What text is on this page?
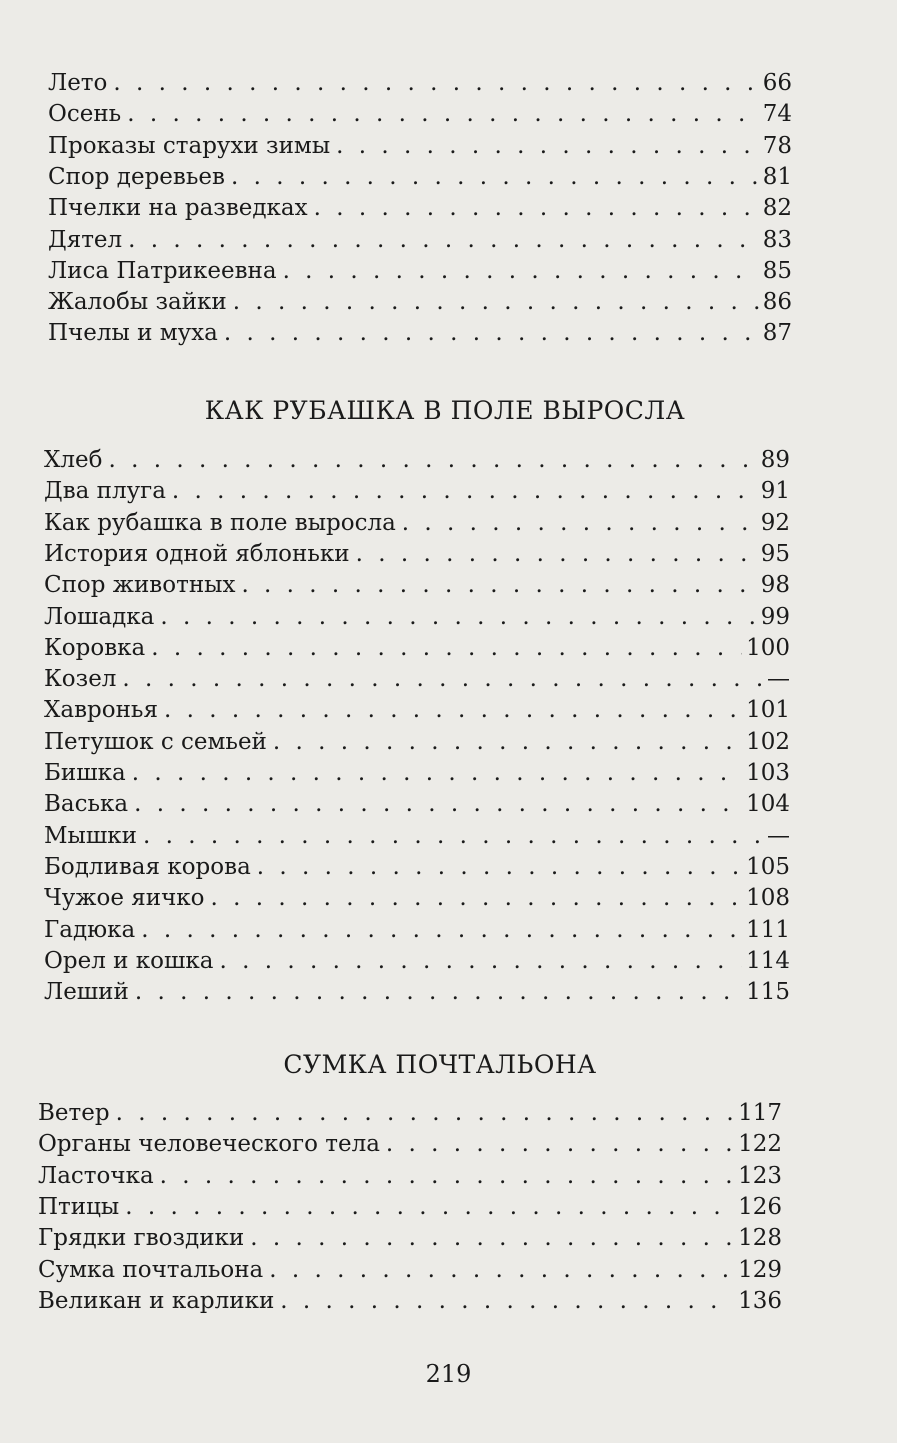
Лето . . .	66
Осень . . .	74
Проказы старухи зимы . . .	78
Спор деревьев . . .	81
Пчелки на разведках . . .	82
Дятел . . .	83
Лиса Патрикеевна . . .	85
Жалобы зайки . . .	86
Пчелы и муха . . .	87
КАК РУБАШКА В ПОЛЕ ВЫРОСЛА
Хлеб . . .	89
Два плуга . . .	91
Как рубашка в поле выросла . . .	92
История одной яблоньки . . .	95
Спор животных . . .	98
Лошадка . . .	99
Коровка . . .	100
Козел . . .	—
Хавронья . . .	101
Петушок с семьей . . .	102
Бишка . . .	103
Васька . . .	104
Мышки . . .	—
Бодливая корова . . .	105
Чужое яичко . . .	108
Гадюка . . .	111
Орел и кошка . . .	114
Леший . . .	115
СУМКА ПОЧТАЛЬОНА
Ветер . . .	117
Органы человеческого тела . . .	122
Ласточка . . .	123
Птицы . . .	126
Грядки гвоздики . . .	128
Сумка почтальона . . .	129
Великан и карлики . . .	136
219
